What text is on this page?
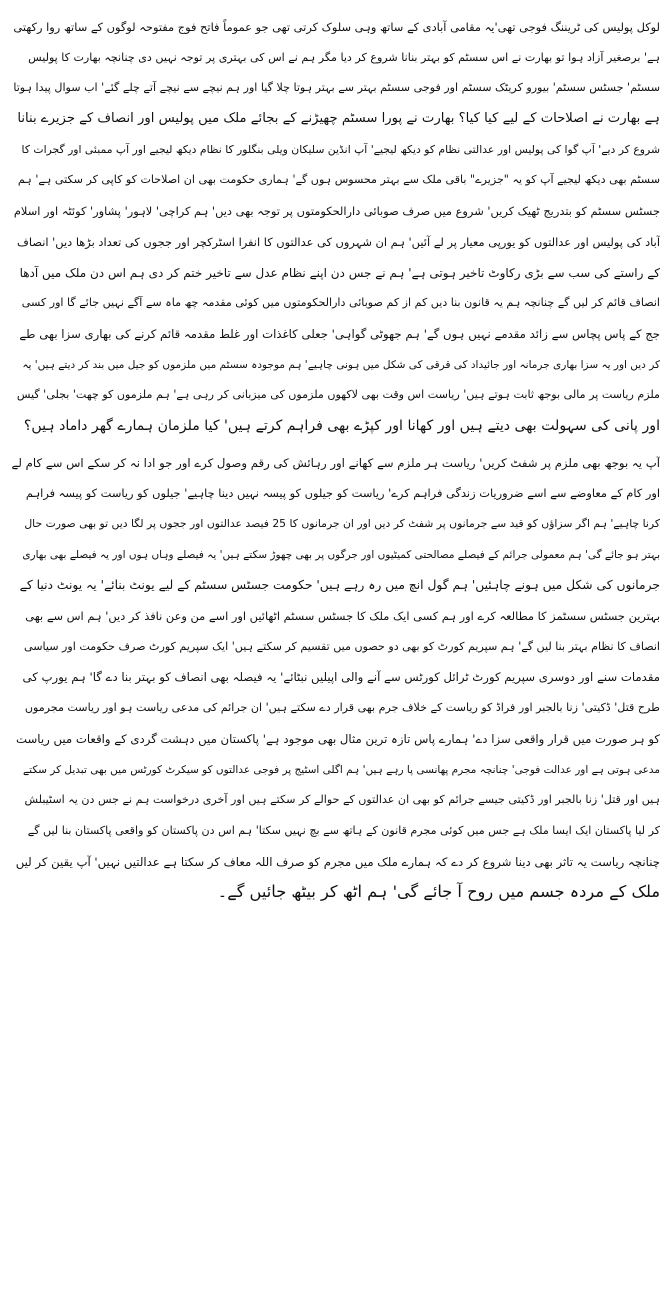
لوکل پولیس کی ٹریننگ فوجی تھی'یہ مقامی آبادی کے ساتھ وہی سلوک کرتی تھی جو عموماً فاتح فوج مفتوحہ لوگوں کے ساتھ روا رکھتی
ہے' برصغیر آزاد ہوا تو بھارت نے اس سسٹم کو بہتر بنانا شروع کر دیا مگر ہم نے اس کی بہتری پر توجہ نہیں دی چنانچہ بھارت کا پولیس
سسٹم' جسٹس سسٹم' بیورو کریٹک سسٹم اور فوجی سسٹم بہتر سے بہتر ہوتا چلا گیا اور ہم نیچے سے نیچے آتے چلے گئے' اب سوال پیدا ہوتا
ہے بھارت نے اصلاحات کے لیے کیا کیا؟ بھارت نے پورا سسٹم چھیڑنے کے بجائے ملک میں پولیس اور انصاف کے جزیرے بنانا
شروع کر دیے' آپ گوا کی پولیس اور عدالتی نظام کو دیکھ لیجیے' آپ انڈین سلیکان ویلی بنگلور کا نظام دیکھ لیجیے اور آپ ممبئی اور گجرات کا
سسٹم بھی دیکھ لیجیے آپ کو یہ "جزیرے" باقی ملک سے بہتر محسوس ہوں گے' ہماری حکومت بھی ان اصلاحات کو کاپی کر سکتی ہے' ہم
جسٹس سسٹم کو بتدریج ٹھیک کریں' شروع میں صرف صوبائی دارالحکومتوں پر توجہ بھی دیں' ہم کراچی' لاہور' پشاور' کوئٹہ اور اسلام
آباد کی پولیس اور عدالتوں کو یورپی معیار پر لے آئیں' ہم ان شہروں کی عدالتوں کا انفرا اسٹرکچر اور ججوں کی تعداد بڑھا دیں' انصاف
کے راستے کی سب سے بڑی رکاوٹ تاخیر ہوتی ہے' ہم نے جس دن اپنے نظام عدل سے تاخیر ختم کر دی ہم اس دن ملک میں آدھا
انصاف قائم کر لیں گے چنانچہ ہم یہ قانون بنا دیں کم از کم صوبائی دارالحکومتوں میں کوئی مقدمہ چھ ماہ سے آگے نہیں جائے گا اور کسی
جج کے پاس پچاس سے زائد مقدمے نہیں ہوں گے' ہم جھوٹی گواہی' جعلی کاغذات اور غلط مقدمہ قائم کرنے کی بھاری سزا بھی طے
کر دیں اور یہ سزا بھاری جرمانہ اور جائیداد کی قرقی کی شکل میں ہونی چاہیے' ہم موجودہ سسٹم میں ملزموں کو جیل میں بند کر دیتے ہیں' یہ
ملزم ریاست پر مالی بوجھ ثابت ہوتے ہیں' ریاست اس وقت بھی لاکھوں ملزموں کی میزبانی کر رہی ہے' ہم ملزموں کو چھت' بجلی' گیس
اور پانی کی سہولت بھی دیتے ہیں اور کھانا اور کپڑے بھی فراہم کرتے ہیں' کیا ملزمان ہمارے گھر داماد ہیں؟
آپ یہ بوجھ بھی ملزم پر شفٹ کریں' ریاست ہر ملزم سے کھانے اور رہائش کی رقم وصول کرے اور جو ادا نہ کر سکے اس سے کام لے
اور کام کے معاوضے سے اسے ضروریات زندگی فراہم کرے' ریاست کو جیلوں کو پیسہ نہیں دینا چاہیے' جیلوں کو ریاست کو پیسہ فراہم
کرنا چاہیے' ہم اگر سزاؤں کو قید سے جرمانوں پر شفٹ کر دیں اور ان جرمانوں کا 25 فیصد عدالتوں اور ججوں پر لگا دیں تو بھی صورت حال
بہتر ہو جائے گی' ہم معمولی جرائم کے فیصلے مصالحتی کمیٹیوں اور جرگوں پر بھی چھوڑ سکتے ہیں' یہ فیصلے وہاں ہوں اور یہ فیصلے بھی بھاری
جرمانوں کی شکل میں ہونے چاہئیں' ہم گول انچ میں رہ رہے ہیں' حکومت جسٹس سسٹم کے لیے یونٹ بنائے' یہ یونٹ دنیا کے
بہترین جسٹس سسٹمز کا مطالعہ کرے اور ہم کسی ایک ملک کا جسٹس سسٹم اٹھائیں اور اسے من وعن نافذ کر دیں' ہم اس سے بھی
انصاف کا نظام بہتر بنا لیں گے' ہم سپریم کورٹ کو بھی دو حصوں میں تقسیم کر سکتے ہیں' ایک سپریم کورٹ صرف حکومت اور سیاسی
مقدمات سنے اور دوسری سپریم کورٹ ٹرائل کورٹس سے آنے والی اپیلیں نبٹائے' یہ فیصلہ بھی انصاف کو بہتر بنا دے گا' ہم یورپ کی
طرح قتل' ڈکیتی' زنا بالجبر اور فراڈ کو ریاست کے خلاف جرم بھی قرار دے سکتے ہیں' ان جرائم کی مدعی ریاست ہو اور ریاست مجرموں
کو ہر صورت میں قرار واقعی سزا دے' ہمارے پاس تازہ ترین مثال بھی موجود ہے' پاکستان میں دہشت گردی کے واقعات میں ریاست
مدعی ہوتی ہے اور عدالت فوجی' چنانچہ مجرم پھانسی پا رہے ہیں' ہم اگلی اسٹیج پر فوجی عدالتوں کو سیکرٹ کورٹس میں بھی تبدیل کر سکتے
ہیں اور قتل' زنا بالجبر اور ڈکیتی جیسے جرائم کو بھی ان عدالتوں کے حوالے کر سکتے ہیں اور آخری درخواست ہم نے جس دن یہ اسٹیبلش
کر لیا پاکستان ایک ایسا ملک ہے جس میں کوئی مجرم قانون کے ہاتھ سے بچ نہیں سکتا' ہم اس دن پاکستان کو واقعی پاکستان بنا لیں گے
چنانچہ ریاست یہ تاثر بھی دینا شروع کر دے کہ ہمارے ملک میں مجرم کو صرف اللہ معاف کر سکتا ہے عدالتیں نہیں' آپ یقین کر لیں
ملک کے مردہ جسم میں روح آ جائے گی' ہم اٹھ کر بیٹھ جائیں گے۔
